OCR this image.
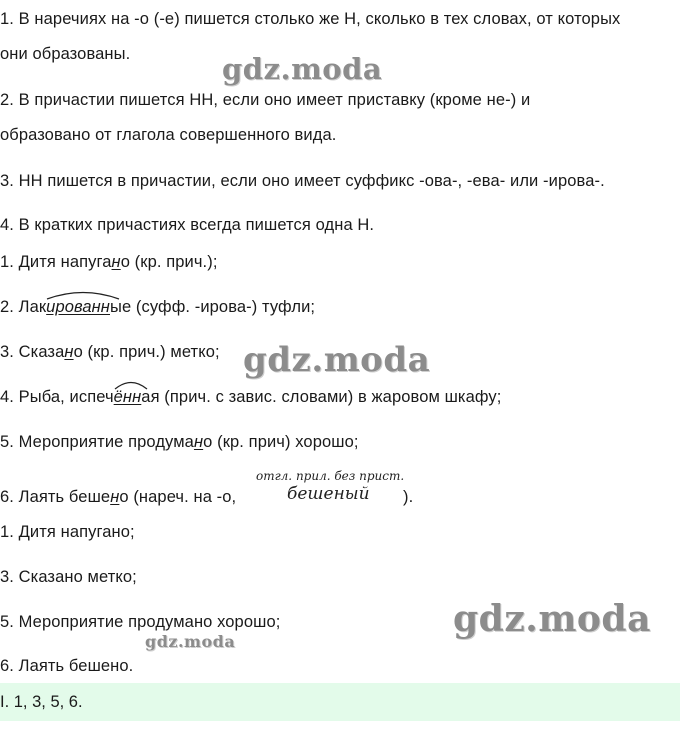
1. В наречиях на -о (-е) пишется столько же Н, сколько в тех словах, от которых
они образованы.
2. В причастии пишется НН, если оно имеет приставку (кроме не-) и
образовано от глагола совершенного вида.
3. НН пишется в причастии, если оно имеет суффикс -ова-, -ева- или -ирова-.
4. В кратких причастиях всегда пишется одна Н.
1. Дитя напугано (кр. прич.);
2. Лак
ированные (суфф. -ирова-) туфли;
3. Сказано (кр. прич.) метко;
4. Рыба, испеч
ённая (прич. с завис. словами) в жаровом шкафу;
5. Мероприятие продумано (кр. прич) хорошо;
6. Лаять бешено (нареч. на -о,
отгл. прил. без прист.
бешеный ).
1. Дитя напугано;
3. Сказано метко;
5. Мероприятие продумано хорошо;
6. Лаять бешено.
I. 1, 3, 5, 6.
gdz.moda
gdz.moda
gdz.moda
gdz.moda
